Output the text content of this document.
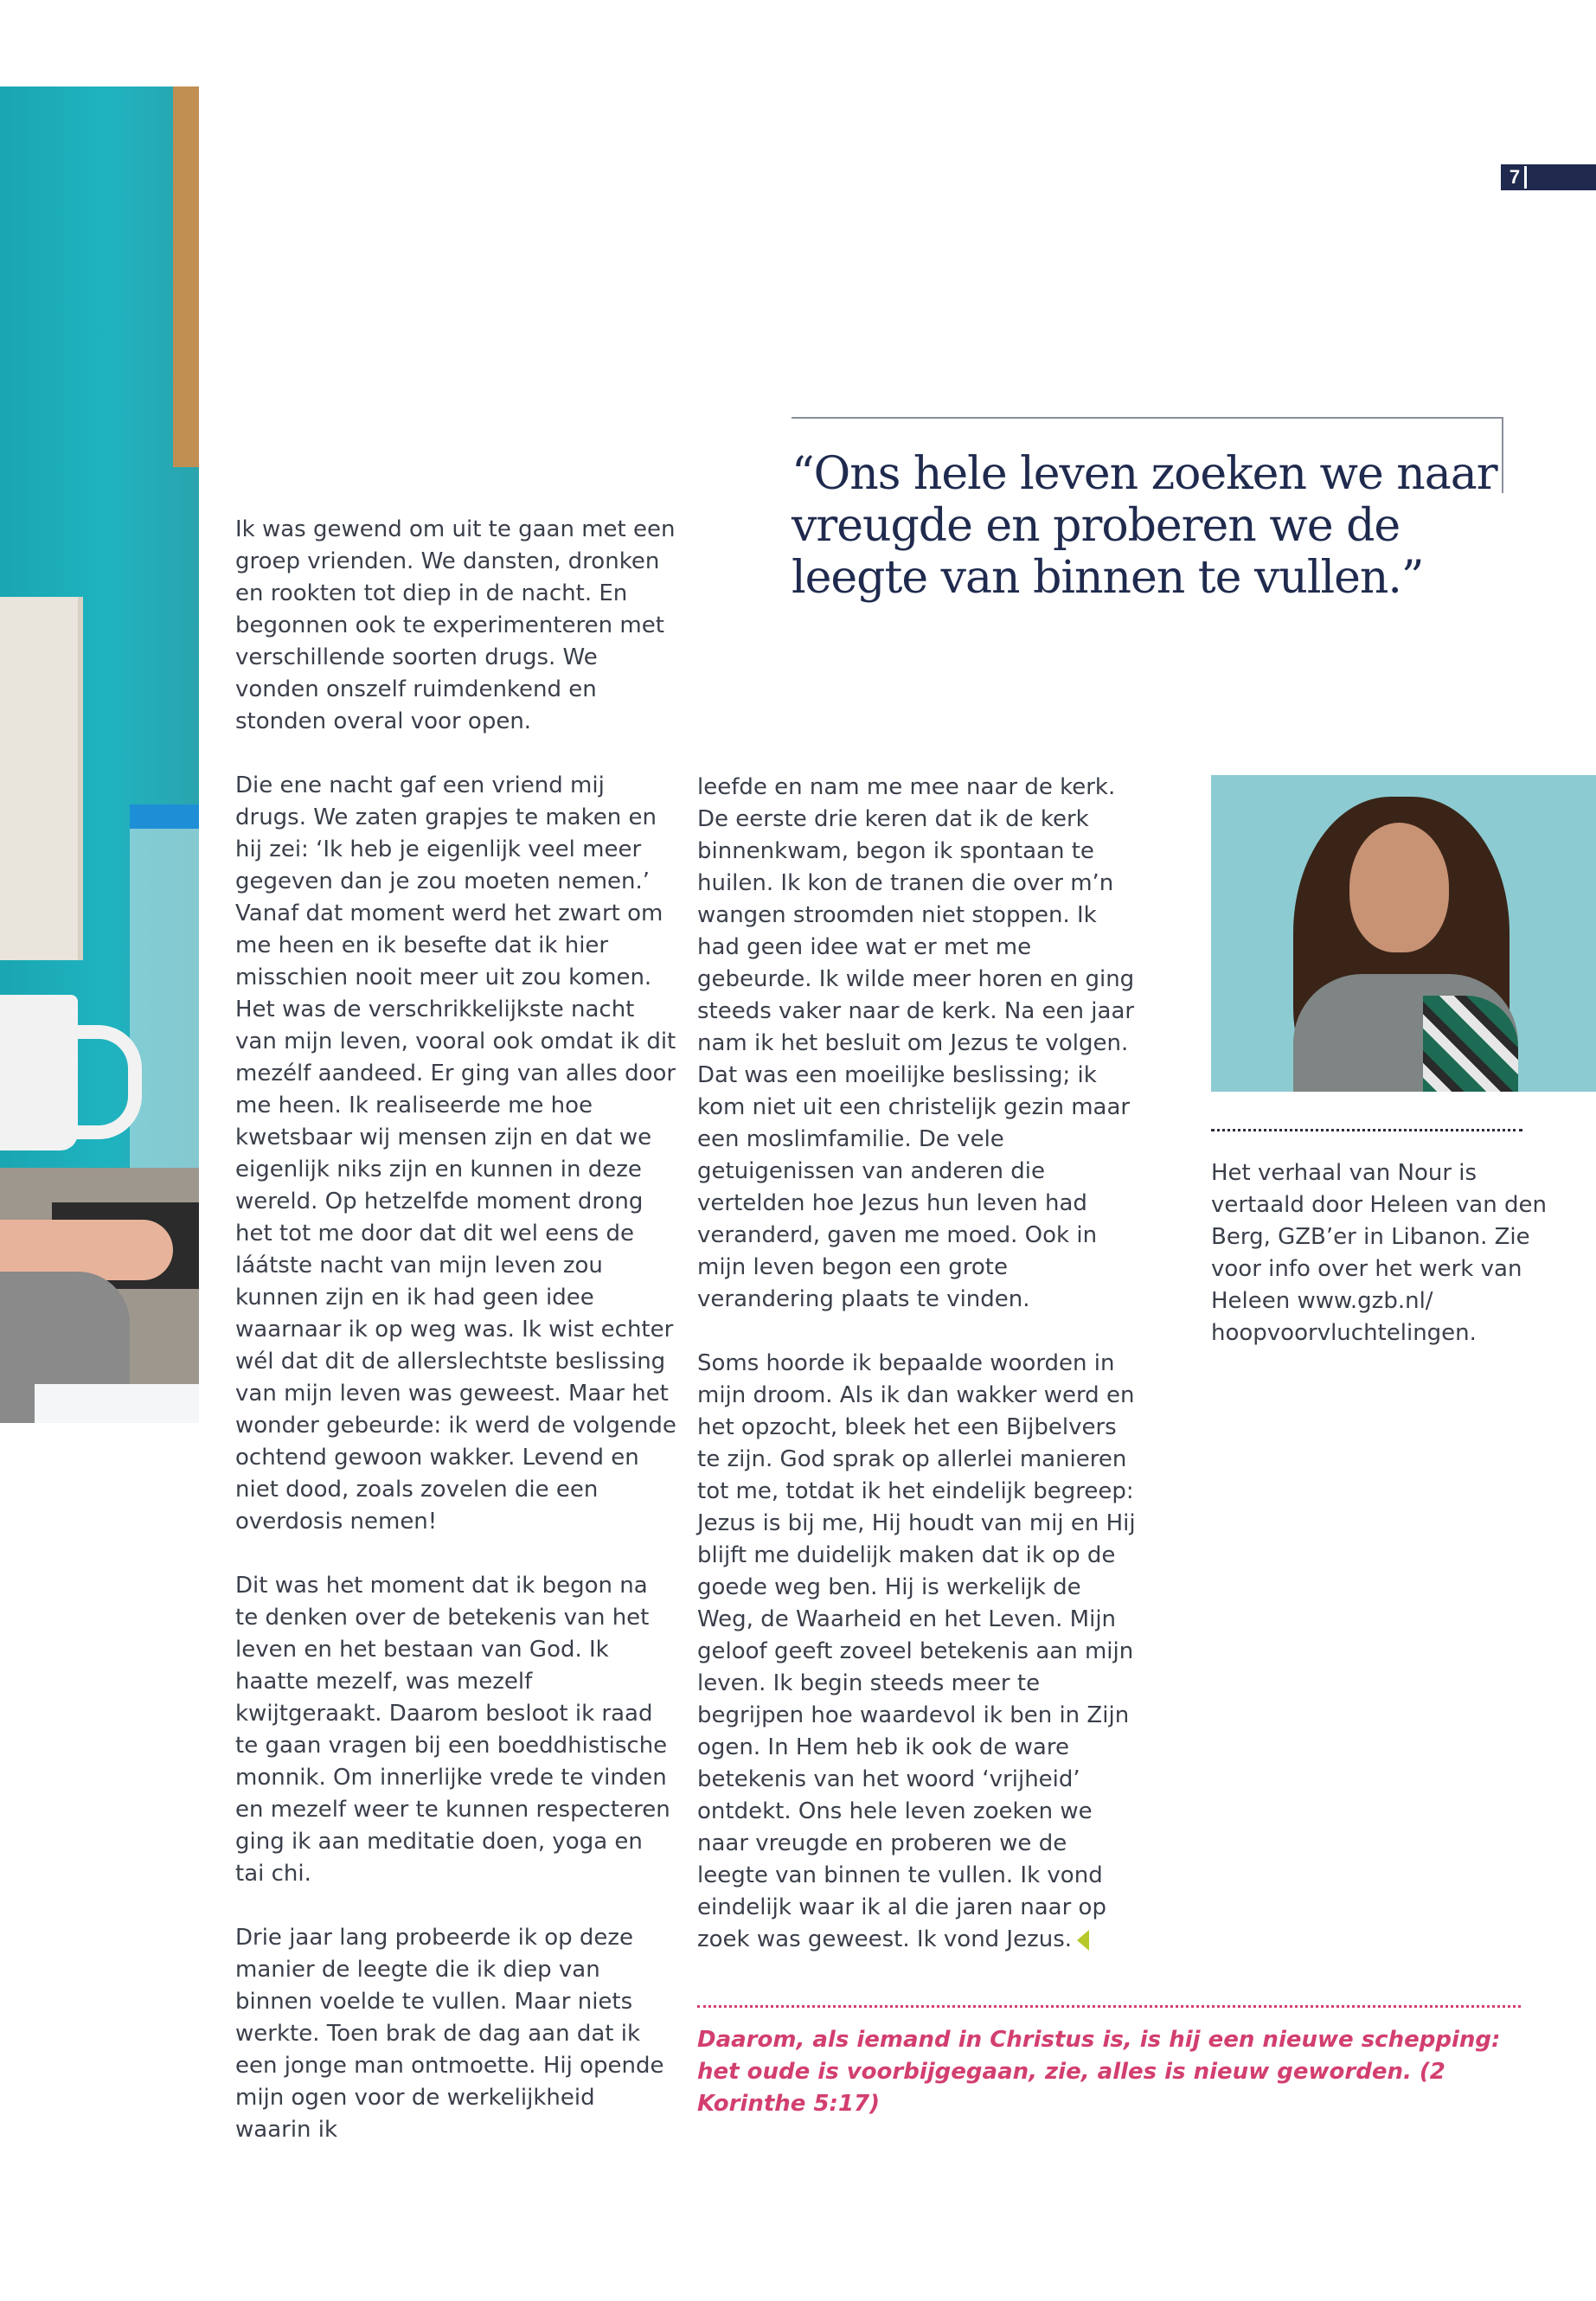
7
“Ons hele leven zoeken we naar
vreugde en proberen we de
leegte van binnen te vullen.”

Ik was gewend om uit te gaan met een groep vrienden. We dansten, dronken en rookten tot diep in de nacht. En begonnen ook te experimenteren met verschillende soorten drugs. We vonden onszelf ruimdenkend en stonden overal voor open.

Die ene nacht gaf een vriend mij drugs. We zaten grapjes te maken en hij zei: ‘Ik heb je eigenlijk veel meer gegeven dan je zou moeten nemen.’ Vanaf dat moment werd het zwart om me heen en ik besefte dat ik hier misschien nooit meer uit zou komen. Het was de verschrikkelijkste nacht van mijn leven, vooral ook omdat ik dit mezélf aandeed. Er ging van alles door me heen. Ik realiseerde me hoe kwetsbaar wij mensen zijn en dat we eigenlijk niks zijn en kunnen in deze wereld. Op hetzelfde moment drong het tot me door dat dit wel eens de láátste nacht van mijn leven zou kunnen zijn en ik had geen idee waarnaar ik op weg was. Ik wist echter wél dat dit de allerslechtste beslissing van mijn leven was geweest. Maar het wonder gebeurde: ik werd de volgende ochtend gewoon wakker. Levend en niet dood, zoals zovelen die een overdosis nemen!

Dit was het moment dat ik begon na te denken over de betekenis van het leven en het bestaan van God. Ik haatte mezelf, was mezelf kwijtgeraakt. Daarom besloot ik raad te gaan vragen bij een boeddhistische monnik. Om innerlijke vrede te vinden en mezelf weer te kunnen respecteren ging ik aan meditatie doen, yoga en tai chi.

Drie jaar lang probeerde ik op deze manier de leegte die ik diep van binnen voelde te vullen. Maar niets werkte. Toen brak de dag aan dat ik een jonge man ontmoette. Hij opende mijn ogen voor de werkelijkheid waarin ik

leefde en nam me mee naar de kerk. De eerste drie keren dat ik de kerk binnenkwam, begon ik spontaan te huilen. Ik kon de tranen die over m’n wangen stroomden niet stoppen. Ik had geen idee wat er met me gebeurde. Ik wilde meer horen en ging steeds vaker naar de kerk. Na een jaar nam ik het besluit om Jezus te volgen. Dat was een moeilijke beslissing; ik kom niet uit een christelijk gezin maar een moslimfamilie. De vele getuigenissen van anderen die vertelden hoe Jezus hun leven had veranderd, gaven me moed. Ook in mijn leven begon een grote verandering plaats te vinden.

Soms hoorde ik bepaalde woorden in mijn droom. Als ik dan wakker werd en het opzocht, bleek het een Bijbelvers te zijn. God sprak op allerlei manieren tot me, totdat ik het eindelijk begreep: Jezus is bij me, Hij houdt van mij en Hij blijft me duidelijk maken dat ik op de goede weg ben. Hij is werkelijk de Weg, de Waarheid en het Leven. Mijn geloof geeft zoveel betekenis aan mijn leven. Ik begin steeds meer te begrijpen hoe waardevol ik ben in Zijn ogen. In Hem heb ik ook de ware betekenis van het woord ‘vrijheid’ ontdekt. Ons hele leven zoeken we naar vreugde en proberen we de leegte van binnen te vullen. Ik vond eindelijk waar ik al die jaren naar op zoek was geweest. Ik vond Jezus.

Het verhaal van Nour is vertaald door Heleen van den Berg, GZB’er in Libanon. Zie voor info over het werk van Heleen www.gzb.nl/ hoopvoorvluchtelingen.
Daarom, als iemand in Christus is, is hij een nieuwe schepping: het oude is voorbijgegaan, zie, alles is nieuw geworden. (2 Korinthe 5:17)
